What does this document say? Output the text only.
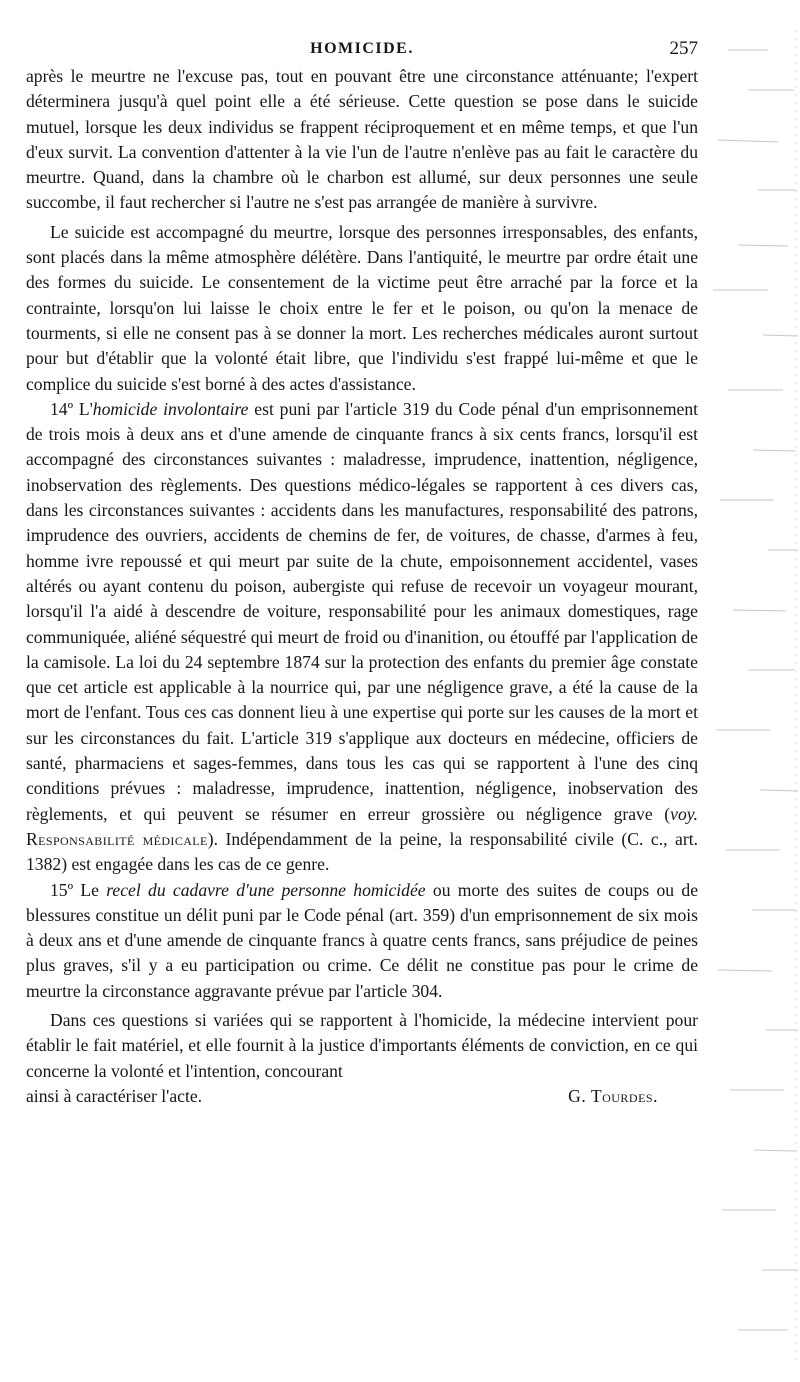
HOMICIDE.	257

après le meurtre ne l'excuse pas, tout en pouvant être une circonstance atténuante; l'expert déterminera jusqu'à quel point elle a été sérieuse. Cette question se pose dans le suicide mutuel, lorsque les deux individus se frappent réciproquement et en même temps, et que l'un d'eux survit. La convention d'attenter à la vie l'un de l'autre n'enlève pas au fait le caractère du meurtre. Quand, dans la chambre où le charbon est allumé, sur deux personnes une seule succombe, il faut rechercher si l'autre ne s'est pas arrangée de manière à survivre.

Le suicide est accompagné du meurtre, lorsque des personnes irresponsables, des enfants, sont placés dans la même atmosphère délétère. Dans l'antiquité, le meurtre par ordre était une des formes du suicide. Le consentement de la victime peut être arraché par la force et la contrainte, lorsqu'on lui laisse le choix entre le fer et le poison, ou qu'on la menace de tourments, si elle ne consent pas à se donner la mort. Les recherches médicales auront surtout pour but d'établir que la volonté était libre, que l'individu s'est frappé lui-même et que le complice du suicide s'est borné à des actes d'assistance.

14º L'homicide involontaire est puni par l'article 319 du Code pénal d'un emprisonnement de trois mois à deux ans et d'une amende de cinquante francs à six cents francs, lorsqu'il est accompagné des circonstances suivantes : maladresse, imprudence, inattention, négligence, inobservation des règlements. Des questions médico-légales se rapportent à ces divers cas, dans les circonstances suivantes : accidents dans les manufactures, responsabilité des patrons, imprudence des ouvriers, accidents de chemins de fer, de voitures, de chasse, d'armes à feu, homme ivre repoussé et qui meurt par suite de la chute, empoisonnement accidentel, vases altérés ou ayant contenu du poison, aubergiste qui refuse de recevoir un voyageur mourant, lorsqu'il l'a aidé à descendre de voiture, responsabilité pour les animaux domestiques, rage communiquée, aliéné séquestré qui meurt de froid ou d'inanition, ou étouffé par l'application de la camisole. La loi du 24 septembre 1874 sur la protection des enfants du premier âge constate que cet article est applicable à la nourrice qui, par une négligence grave, a été la cause de la mort de l'enfant. Tous ces cas donnent lieu à une expertise qui porte sur les causes de la mort et sur les circonstances du fait. L'article 319 s'applique aux docteurs en médecine, officiers de santé, pharmaciens et sages-femmes, dans tous les cas qui se rapportent à l'une des cinq conditions prévues : maladresse, imprudence, inattention, négligence, inobservation des règlements, et qui peuvent se résumer en erreur grossière ou négligence grave (voy. Responsabilité médicale). Indépendamment de la peine, la responsabilité civile (C. c., art. 1382) est engagée dans les cas de ce genre.

15º Le recel du cadavre d'une personne homicidée ou morte des suites de coups ou de blessures constitue un délit puni par le Code pénal (art. 359) d'un emprisonnement de six mois à deux ans et d'une amende de cinquante francs à quatre cents francs, sans préjudice de peines plus graves, s'il y a eu participation ou crime. Ce délit ne constitue pas pour le crime de meurtre la circonstance aggravante prévue par l'article 304.

Dans ces questions si variées qui se rapportent à l'homicide, la médecine intervient pour établir le fait matériel, et elle fournit à la justice d'importants éléments de conviction, en ce qui concerne la volonté et l'intention, concourant

ainsi à caractériser l'acte.	G. Tourdes.
